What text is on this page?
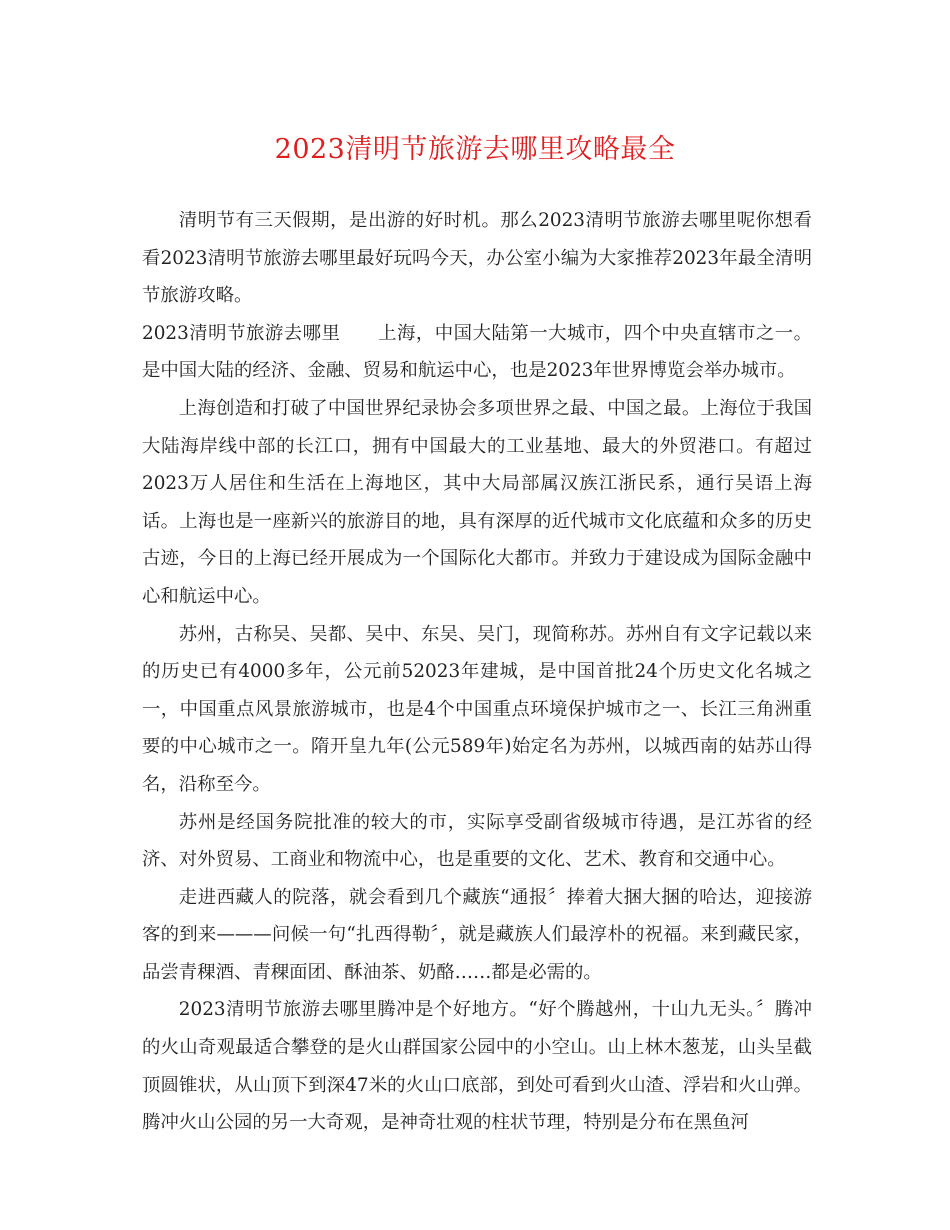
2023清明节旅游去哪里攻略最全

清明节有三天假期，是出游的好时机。那么2023清明节旅游去哪里呢你想看看2023清明节旅游去哪里最好玩吗今天，办公室小编为大家推荐2023年最全清明节旅游攻略。

2023清明节旅游去哪里　　上海，中国大陆第一大城市，四个中央直辖市之一。是中国大陆的经济、金融、贸易和航运中心，也是2023年世界博览会举办城市。

上海创造和打破了中国世界纪录协会多项世界之最、中国之最。上海位于我国大陆海岸线中部的长江口，拥有中国最大的工业基地、最大的外贸港口。有超过2023万人居住和生活在上海地区，其中大局部属汉族江浙民系，通行吴语上海话。上海也是一座新兴的旅游目的地，具有深厚的近代城市文化底蕴和众多的历史古迹，今日的上海已经开展成为一个国际化大都市。并致力于建设成为国际金融中心和航运中心。

苏州，古称吴、吴都、吴中、东吴、吴门，现简称苏。苏州自有文字记载以来的历史已有4000多年，公元前52023年建城，是中国首批24个历史文化名城之一，中国重点风景旅游城市，也是4个中国重点环境保护城市之一、长江三角洲重要的中心城市之一。隋开皇九年(公元589年)始定名为苏州，以城西南的姑苏山得名，沿称至今。

苏州是经国务院批准的较大的市，实际享受副省级城市待遇，是江苏省的经济、对外贸易、工商业和物流中心，也是重要的文化、艺术、教育和交通中心。

走进西藏人的院落，就会看到几个藏族“通报〞捧着大捆大捆的哈达，迎接游客的到来———问候一句“扎西得勒〞，就是藏族人们最淳朴的祝福。来到藏民家，品尝青稞酒、青稞面团、酥油茶、奶酪……都是必需的。

2023清明节旅游去哪里腾冲是个好地方。“好个腾越州，十山九无头。〞腾冲的火山奇观最适合攀登的是火山群国家公园中的小空山。山上林木葱茏，山头呈截顶圆锥状，从山顶下到深47米的火山口底部，到处可看到火山渣、浮岩和火山弹。腾冲火山公园的另一大奇观，是神奇壮观的柱状节理，特别是分布在黑鱼河
